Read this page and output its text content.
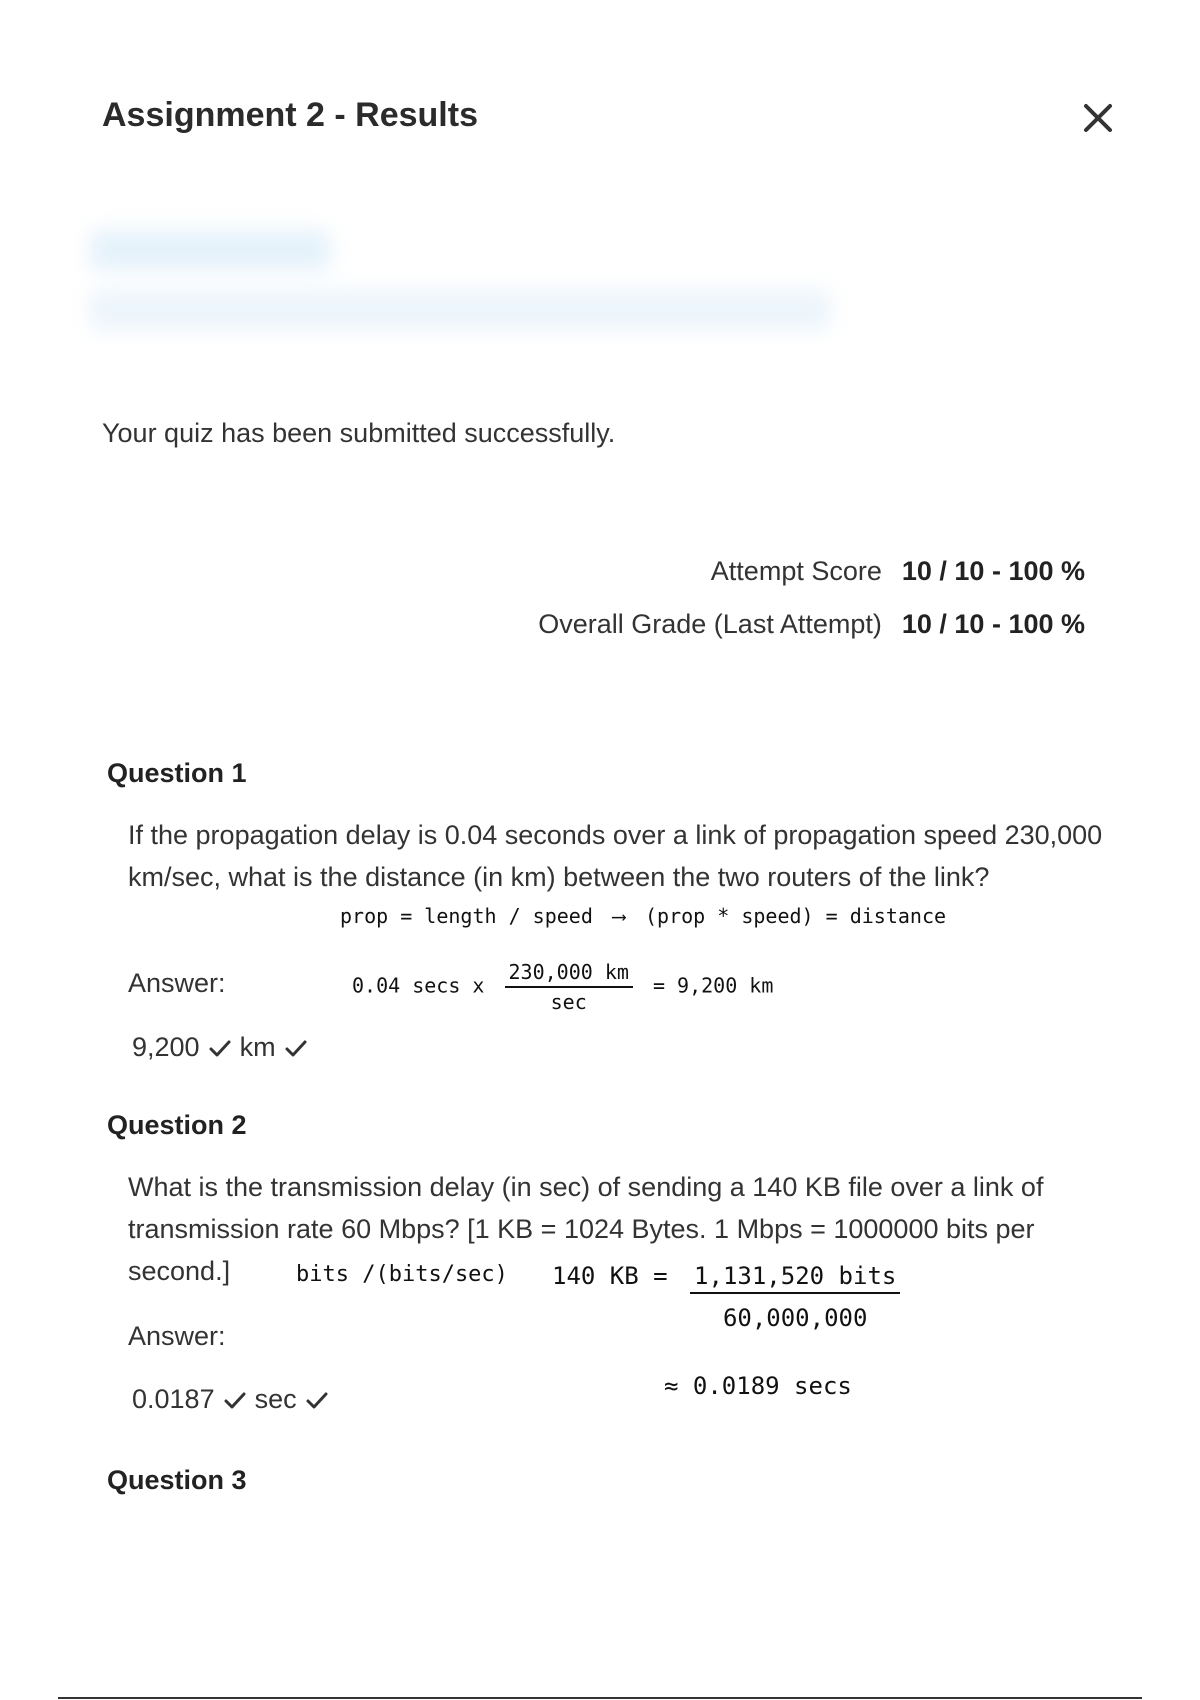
Assignment 2 - Results
Your quiz has been submitted successfully.
Attempt Score 10 / 10 - 100 %
Overall Grade (Last Attempt) 10 / 10 - 100 %
Question 1
If the propagation delay is 0.04 seconds over a link of propagation speed 230,000 km/sec, what is the distance (in km) between the two routers of the link?
prop = length / speed ⟶ (prop * speed) = distance
Answer:	0.04 secs x $\frac{230,000 km}{\sec} = 9,200$ km
9,200 km
Question 2
What is the transmission delay (in sec) of sending a 140 KB file over a link of transmission rate 60 Mbps? [1 KB = 1024 Bytes. 1 Mbps = 1000000 bits per second.]	bits /(bits/sec) 140 KB = $\frac{\text{1,131,520 bits}}{60,000,000}$
Answer:
≈ 0.0189 secs
0.0187 sec
Question 3
